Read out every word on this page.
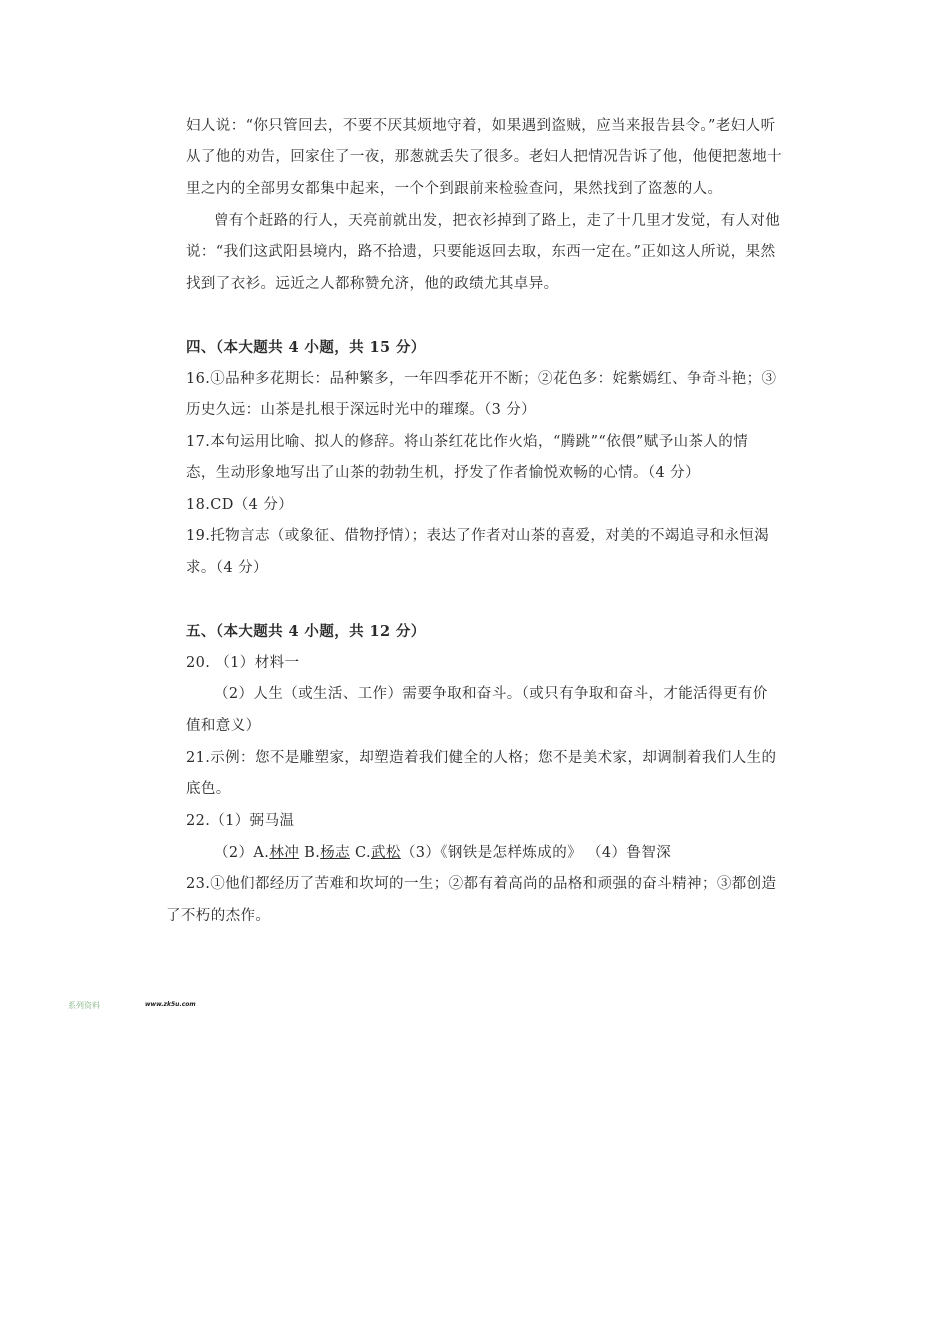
妇人说：“你只管回去，不要不厌其烦地守着，如果遇到盗贼，应当来报告县令。”老妇人听
从了他的劝告，回家住了一夜，那葱就丢失了很多。老妇人把情况告诉了他，他便把葱地十
里之内的全部男女都集中起来，一个个到跟前来检验查问，果然找到了盗葱的人。
曾有个赶路的行人，天亮前就出发，把衣衫掉到了路上，走了十几里才发觉，有人对他
说：“我们这武阳县境内，路不拾遗，只要能返回去取，东西一定在。”正如这人所说，果然
找到了衣衫。远近之人都称赞允济，他的政绩尤其卓异。
四、（本大题共 4 小题，共 15 分）
16.①品种多花期长：品种繁多，一年四季花开不断；②花色多：姹紫嫣红、争奇斗艳；③
历史久远：山茶是扎根于深远时光中的璀璨。（3 分）
17.本句运用比喻、拟人的修辞。将山茶红花比作火焰，“腾跳”“依偎”赋予山茶人的情
态，生动形象地写出了山茶的勃勃生机，抒发了作者愉悦欢畅的心情。（4 分）
18.CD（4 分）
19.托物言志（或象征、借物抒情）；表达了作者对山茶的喜爱，对美的不竭追寻和永恒渴
求。（4 分）
五、（本大题共 4 小题，共 12 分）
20. （1）材料一
（2）人生（或生活、工作）需要争取和奋斗。（或只有争取和奋斗，才能活得更有价
值和意义）
21.示例：您不是雕塑家，却塑造着我们健全的人格；您不是美术家，却调制着我们人生的
底色。
22.（1）弼马温
（2）A.林冲 B.杨志 C.武松（3）《钢铁是怎样炼成的》 （4）鲁智深
23.①他们都经历了苦难和坎坷的一生；②都有着高尚的品格和顽强的奋斗精神；③都创造
了不朽的杰作。
系列资料	www.zk5u.com
